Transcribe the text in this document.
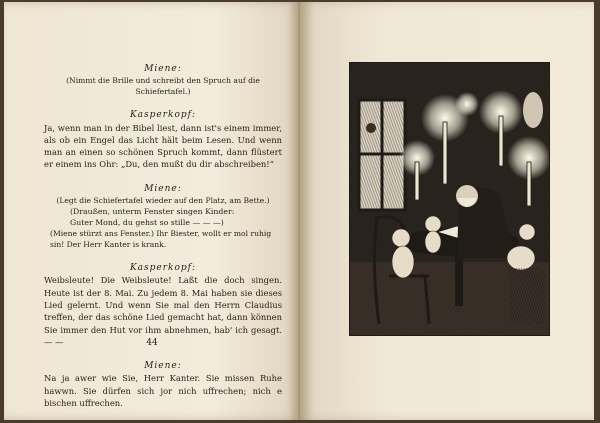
Miene:
(Nimmt die Brille und schreibt den Spruch auf die Schiefertafel.)
Kasperkopf:
Ja, wenn man in der Bibel liest, dann ist's einem immer, als ob ein Engel das Licht hält beim Lesen. Und wenn man an einen so schönen Spruch kommt, dann flüstert er einem ins Ohr: „Du, den mußt du dir abschreiben!“
Miene:
(Legt die Schiefertafel wieder auf den Platz, am Bette.)
(Draußen, unterm Fenster singen Kinder:
Guter Mond, du gehst so stille — — —)
(Miene stürzt ans Fenster.) Ihr Biester, wollt er mol ruhig sin! Der Herr Kanter is krank.
Kasperkopf:
Weibsleute! Die Weibsleute! Laßt die doch singen. Heute ist der 8. Mai. Zu jedem 8. Mai haben sie dieses Lied gelernt. Und wenn Sie mal den Herrn Claudius treffen, der das schöne Lied gemacht hat, dann können Sie immer den Hut vor ihm abnehmen, hab' ich gesagt. — —
Miene:
Na ja awer wie Sie, Herr Kanter. Sie missen Ruhe hawwn. Sie dürfen sich jor nich uffrechen; nich e bischen uffrechen.
44
